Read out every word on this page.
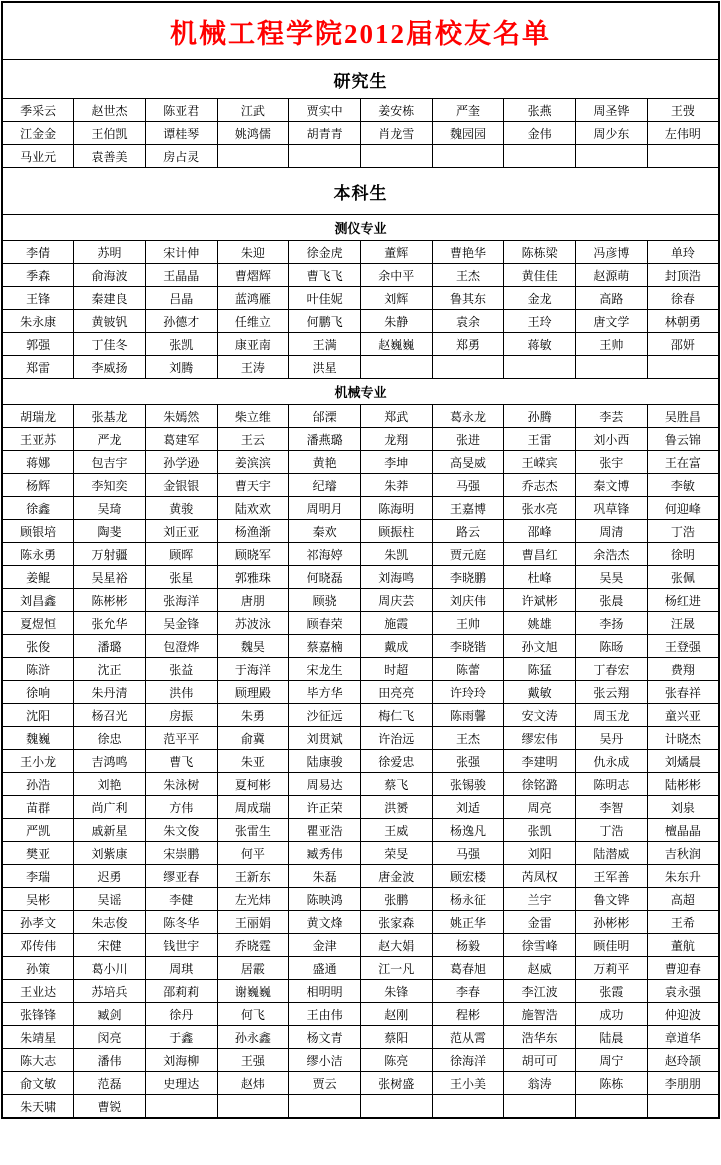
机械工程学院2012届校友名单									
研究生									
季采云	赵世杰	陈亚君	江武	贾实中	姜安栋	严奎	张燕	周圣铧	王弢
江金金	王伯凯	谭桂琴	姚鸿儒	胡青青	肖龙雪	魏园园	金伟	周少东	左伟明
马业元	袁善美	房占灵							
本科生									
测仪专业									
李倩	苏明	宋计伸	朱迎	徐金虎	董辉	曹艳华	陈栋梁	冯彦博	单玲
季森	俞海波	王晶晶	曹熠辉	曹飞飞	余中平	王杰	黄佳佳	赵源萌	封顶浩
王锋	秦建良	吕晶	蓝鸿雁	叶佳妮	刘辉	鲁其东	金龙	高路	徐春
朱永康	黄铍钒	孙德才	任维立	何鹏飞	朱静	袁余	王玲	唐文学	林朝勇
郭强	丁佳冬	张凯	康亚南	王满	赵巍巍	郑勇	蒋敏	王帅	邵妍
郑雷	李威扬	刘腾	王涛	洪星					
机械专业									
胡瑞龙	张基龙	朱嫣然	柴立维	邰溧	郑武	葛永龙	孙腾	李芸	吴胜昌
王亚苏	严龙	葛建军	王云	潘燕璐	龙翔	张进	王雷	刘小西	鲁云锦
蒋娜	包吉宇	孙学逊	姜滨滨	黄艳	李坤	高旻威	王嵘宾	张宇	王在富
杨辉	李知奕	金银银	曹天宇	纪璿	朱莽	马强	乔志杰	秦文博	李敏
徐鑫	吴琦	黄骏	陆欢欢	周明月	陈海明	王嘉博	张水亮	巩草锋	何迎峰
顾银培	陶斐	刘正亚	杨渔渐	秦欢	顾振柱	路云	邵峰	周清	丁浩
陈永勇	万射疆	顾晖	顾晓军	祁海婷	朱凯	贾元庭	曹昌红	余浩杰	徐明
姜鲲	吴星裕	张星	郭雅珠	何晓磊	刘海鸣	李晓鹏	杜峰	吴昊	张佩
刘昌鑫	陈彬彬	张海洋	唐朋	顾骁	周庆芸	刘庆伟	许斌彬	张晨	杨红进
夏煜恒	张允华	吴金锋	苏波泳	顾春荣	施霞	王帅	姚雄	李扬	汪晟
张俊	潘璐	包澄烨	魏昊	蔡嘉楠	戴成	李晓锴	孙文旭	陈旸	王登强
陈浒	沈正	张益	于海洋	宋龙生	时超	陈蕾	陈猛	丁春宏	费翔
徐响	朱丹清	洪伟	顾理殿	毕方华	田亮亮	许玲玲	戴敏	张云翔	张春祥
沈阳	杨召光	房振	朱勇	沙征远	梅仁飞	陈雨馨	安文涛	周玉龙	童兴亚
魏巍	徐忠	范平平	俞冀	刘贯斌	许治远	王杰	缪宏伟	吴丹	计晓杰
王小龙	吉鸿鸣	曹飞	朱亚	陆康骏	徐爱忠	张强	李建明	仇永成	刘燏晨
孙浩	刘艳	朱泳树	夏柯彬	周易达	蔡飞	张锡骏	徐铭潞	陈明志	陆彬彬
苗群	尚广利	方伟	周成瑞	许正荣	洪赟	刘适	周亮	李智	刘泉
严凯	戚新星	朱文俊	张雷生	瞿亚浩	王威	杨逸凡	张凯	丁浩	檀晶晶
樊亚	刘紫康	宋崇鹏	何平	臧秀伟	荣旻	马强	刘阳	陆潜威	吉秋润
李瑞	迟勇	缪亚春	王新东	朱磊	唐金波	顾宏楼	芮凤权	王军善	朱东升
吴彬	吴谣	李健	左光炜	陈映鸿	张鹏	杨永征	兰宇	鲁文铧	高超
孙孝文	朱志俊	陈冬华	王丽娟	黄文烽	张家森	姚正华	金雷	孙彬彬	王希
邓传伟	宋健	钱世宇	乔晓霆	金津	赵大娟	杨毅	徐雪峰	顾佳明	董航
孙策	葛小川	周琪	居霰	盛通	江一凡	葛春旭	赵威	万莉平	曹迎春
王业达	苏培兵	邵莉莉	谢巍巍	相明明	朱锋	李春	李江波	张霞	袁永强
张锋锋	臧剑	徐丹	何飞	王由伟	赵刚	程彬	施智浩	成功	仲迎波
朱靖星	闵亮	于鑫	孙永鑫	杨文青	蔡阳	范从霄	浩华东	陆晨	章道华
陈大志	潘伟	刘海柳	王强	缪小洁	陈亮	徐海洋	胡可可	周宁	赵玲颉
俞文敏	范磊	史理达	赵炜	贾云	张树盛	王小美	翁涛	陈栋	李朋朋
朱天啸	曹锐								
